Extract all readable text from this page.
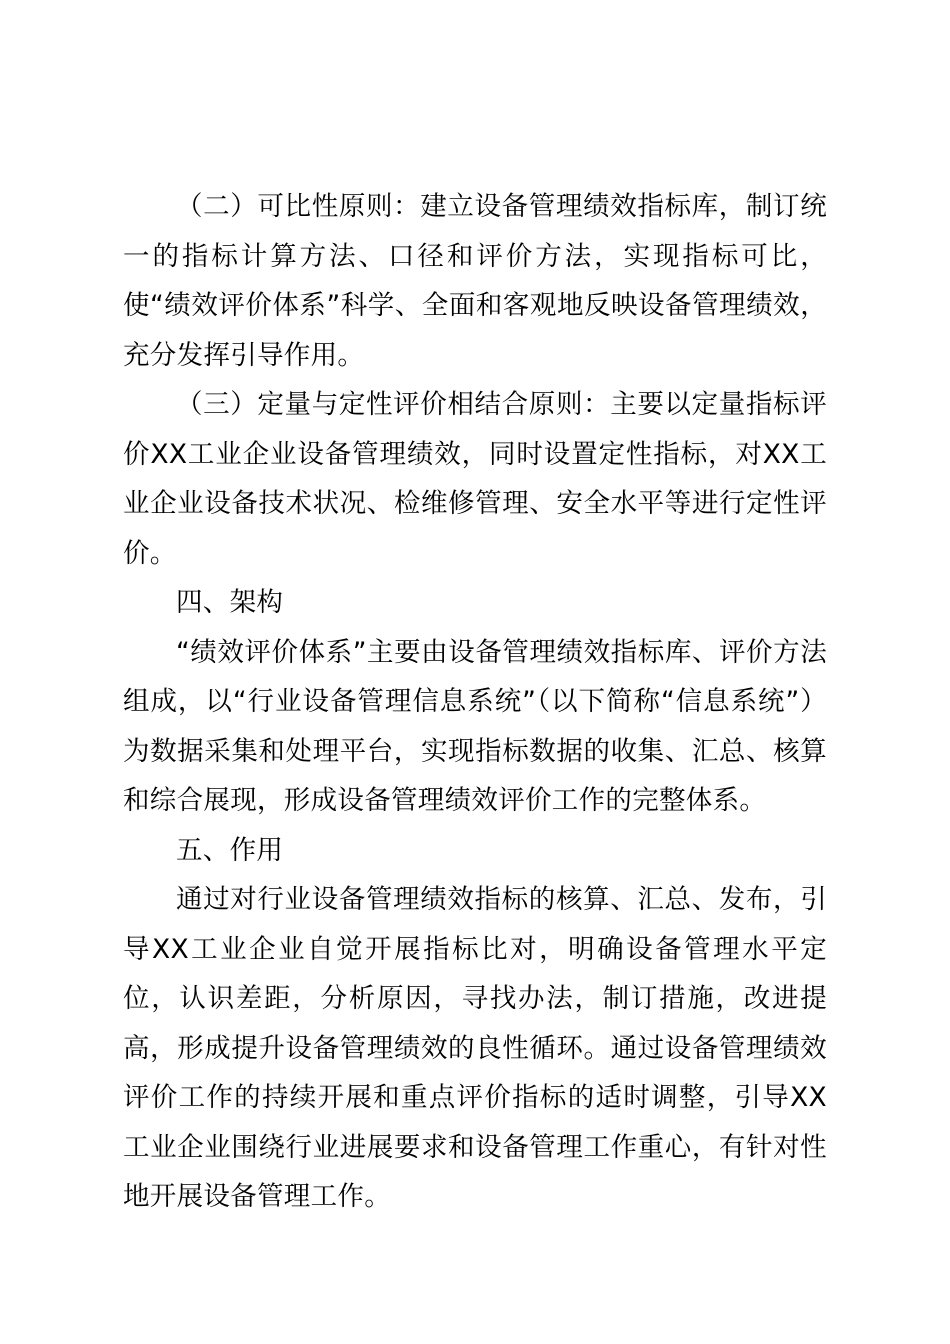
（二）可比性原则：建立设备管理绩效指标库，制订统一的指标计算方法、口径和评价方法，实现指标可比，使“绩效评价体系”科学、全面和客观地反映设备管理绩效，充分发挥引导作用。

（三）定量与定性评价相结合原则：主要以定量指标评价XX工业企业设备管理绩效，同时设置定性指标，对XX工业企业设备技术状况、检维修管理、安全水平等进行定性评价。

四、架构

“绩效评价体系”主要由设备管理绩效指标库、评价方法组成，以“行业设备管理信息系统”（以下简称“信息系统”）为数据采集和处理平台，实现指标数据的收集、汇总、核算和综合展现，形成设备管理绩效评价工作的完整体系。

五、作用

通过对行业设备管理绩效指标的核算、汇总、发布，引导XX工业企业自觉开展指标比对，明确设备管理水平定位，认识差距，分析原因，寻找办法，制订措施，改进提高，形成提升设备管理绩效的良性循环。通过设备管理绩效评价工作的持续开展和重点评价指标的适时调整，引导XX工业企业围绕行业进展要求和设备管理工作重心，有针对性地开展设备管理工作。
